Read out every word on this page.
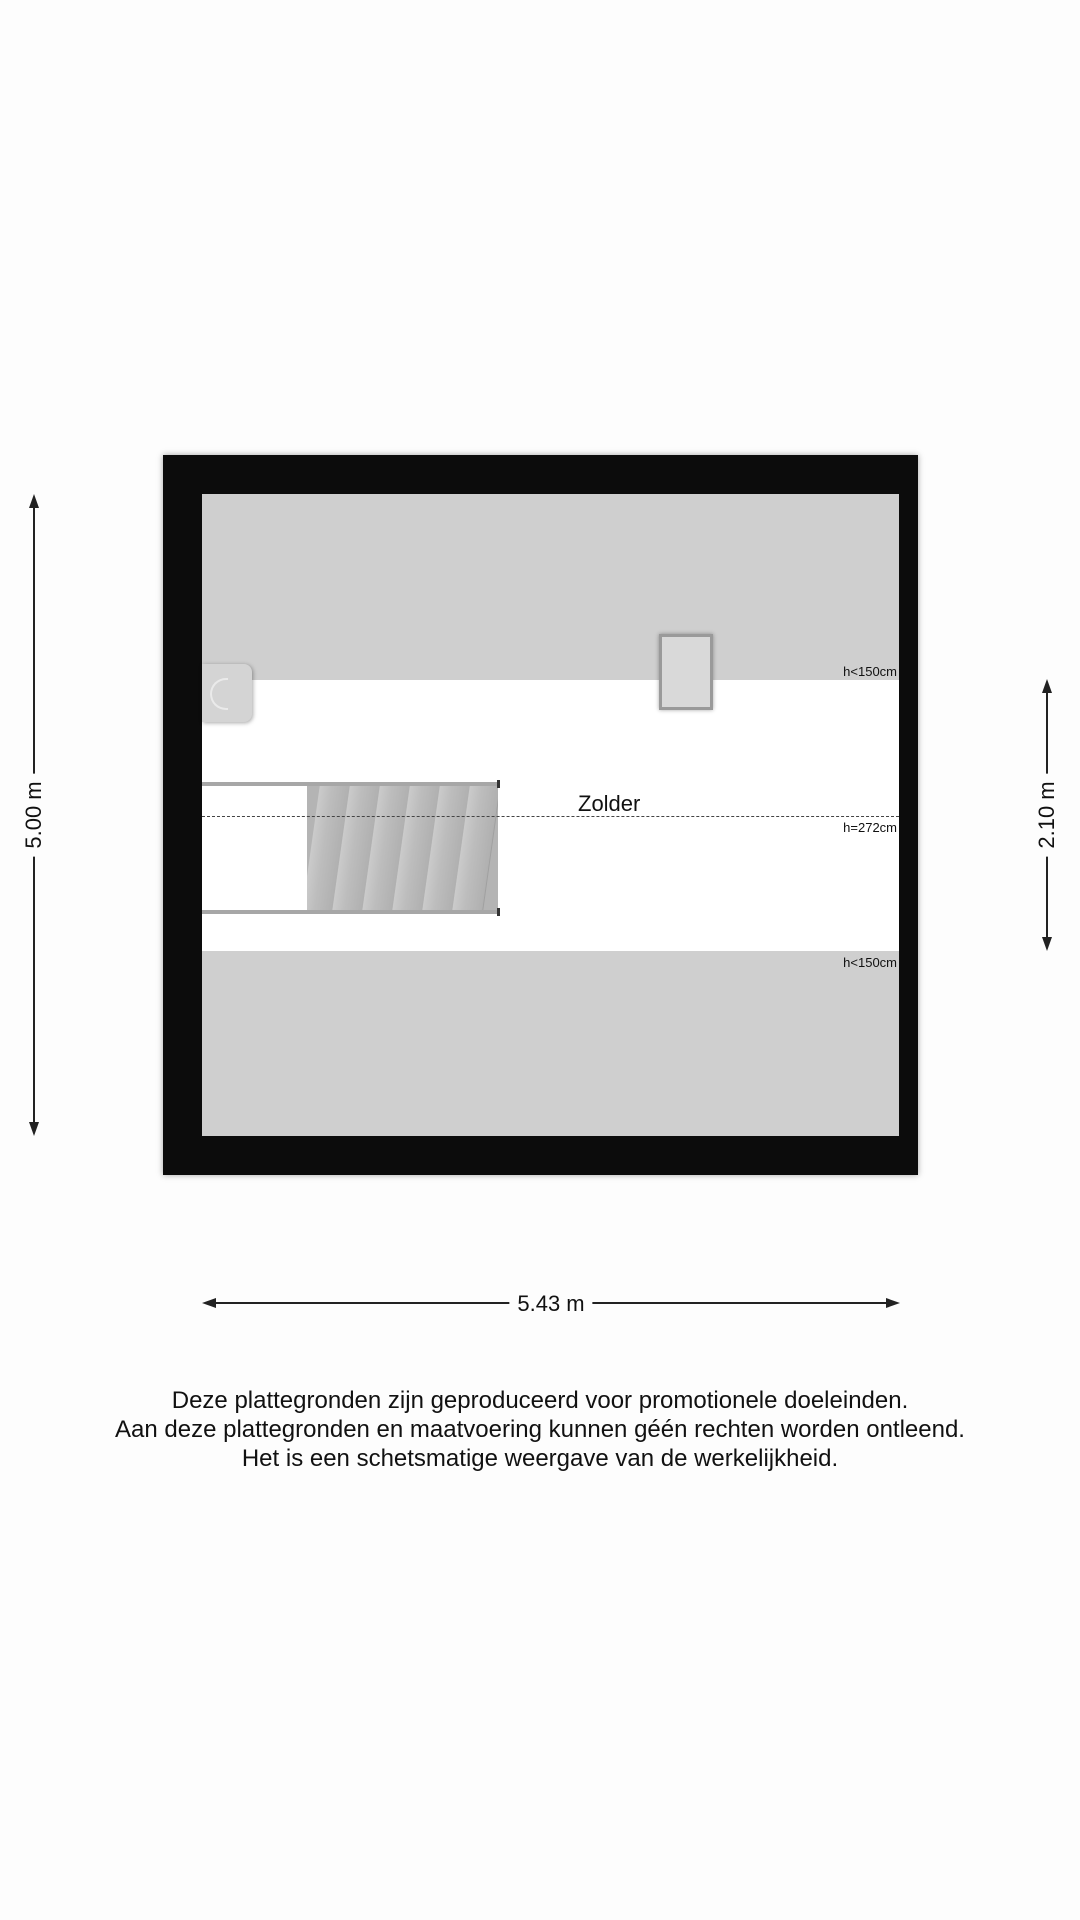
Zolder
h<150cm
h=272cm
h<150cm
5.00 m	2.10 m
5.43 m
Deze plattegronden zijn geproduceerd voor promotionele doeleinden.
Aan deze plattegronden en maatvoering kunnen géén rechten worden ontleend.
Het is een schetsmatige weergave van de werkelijkheid.
